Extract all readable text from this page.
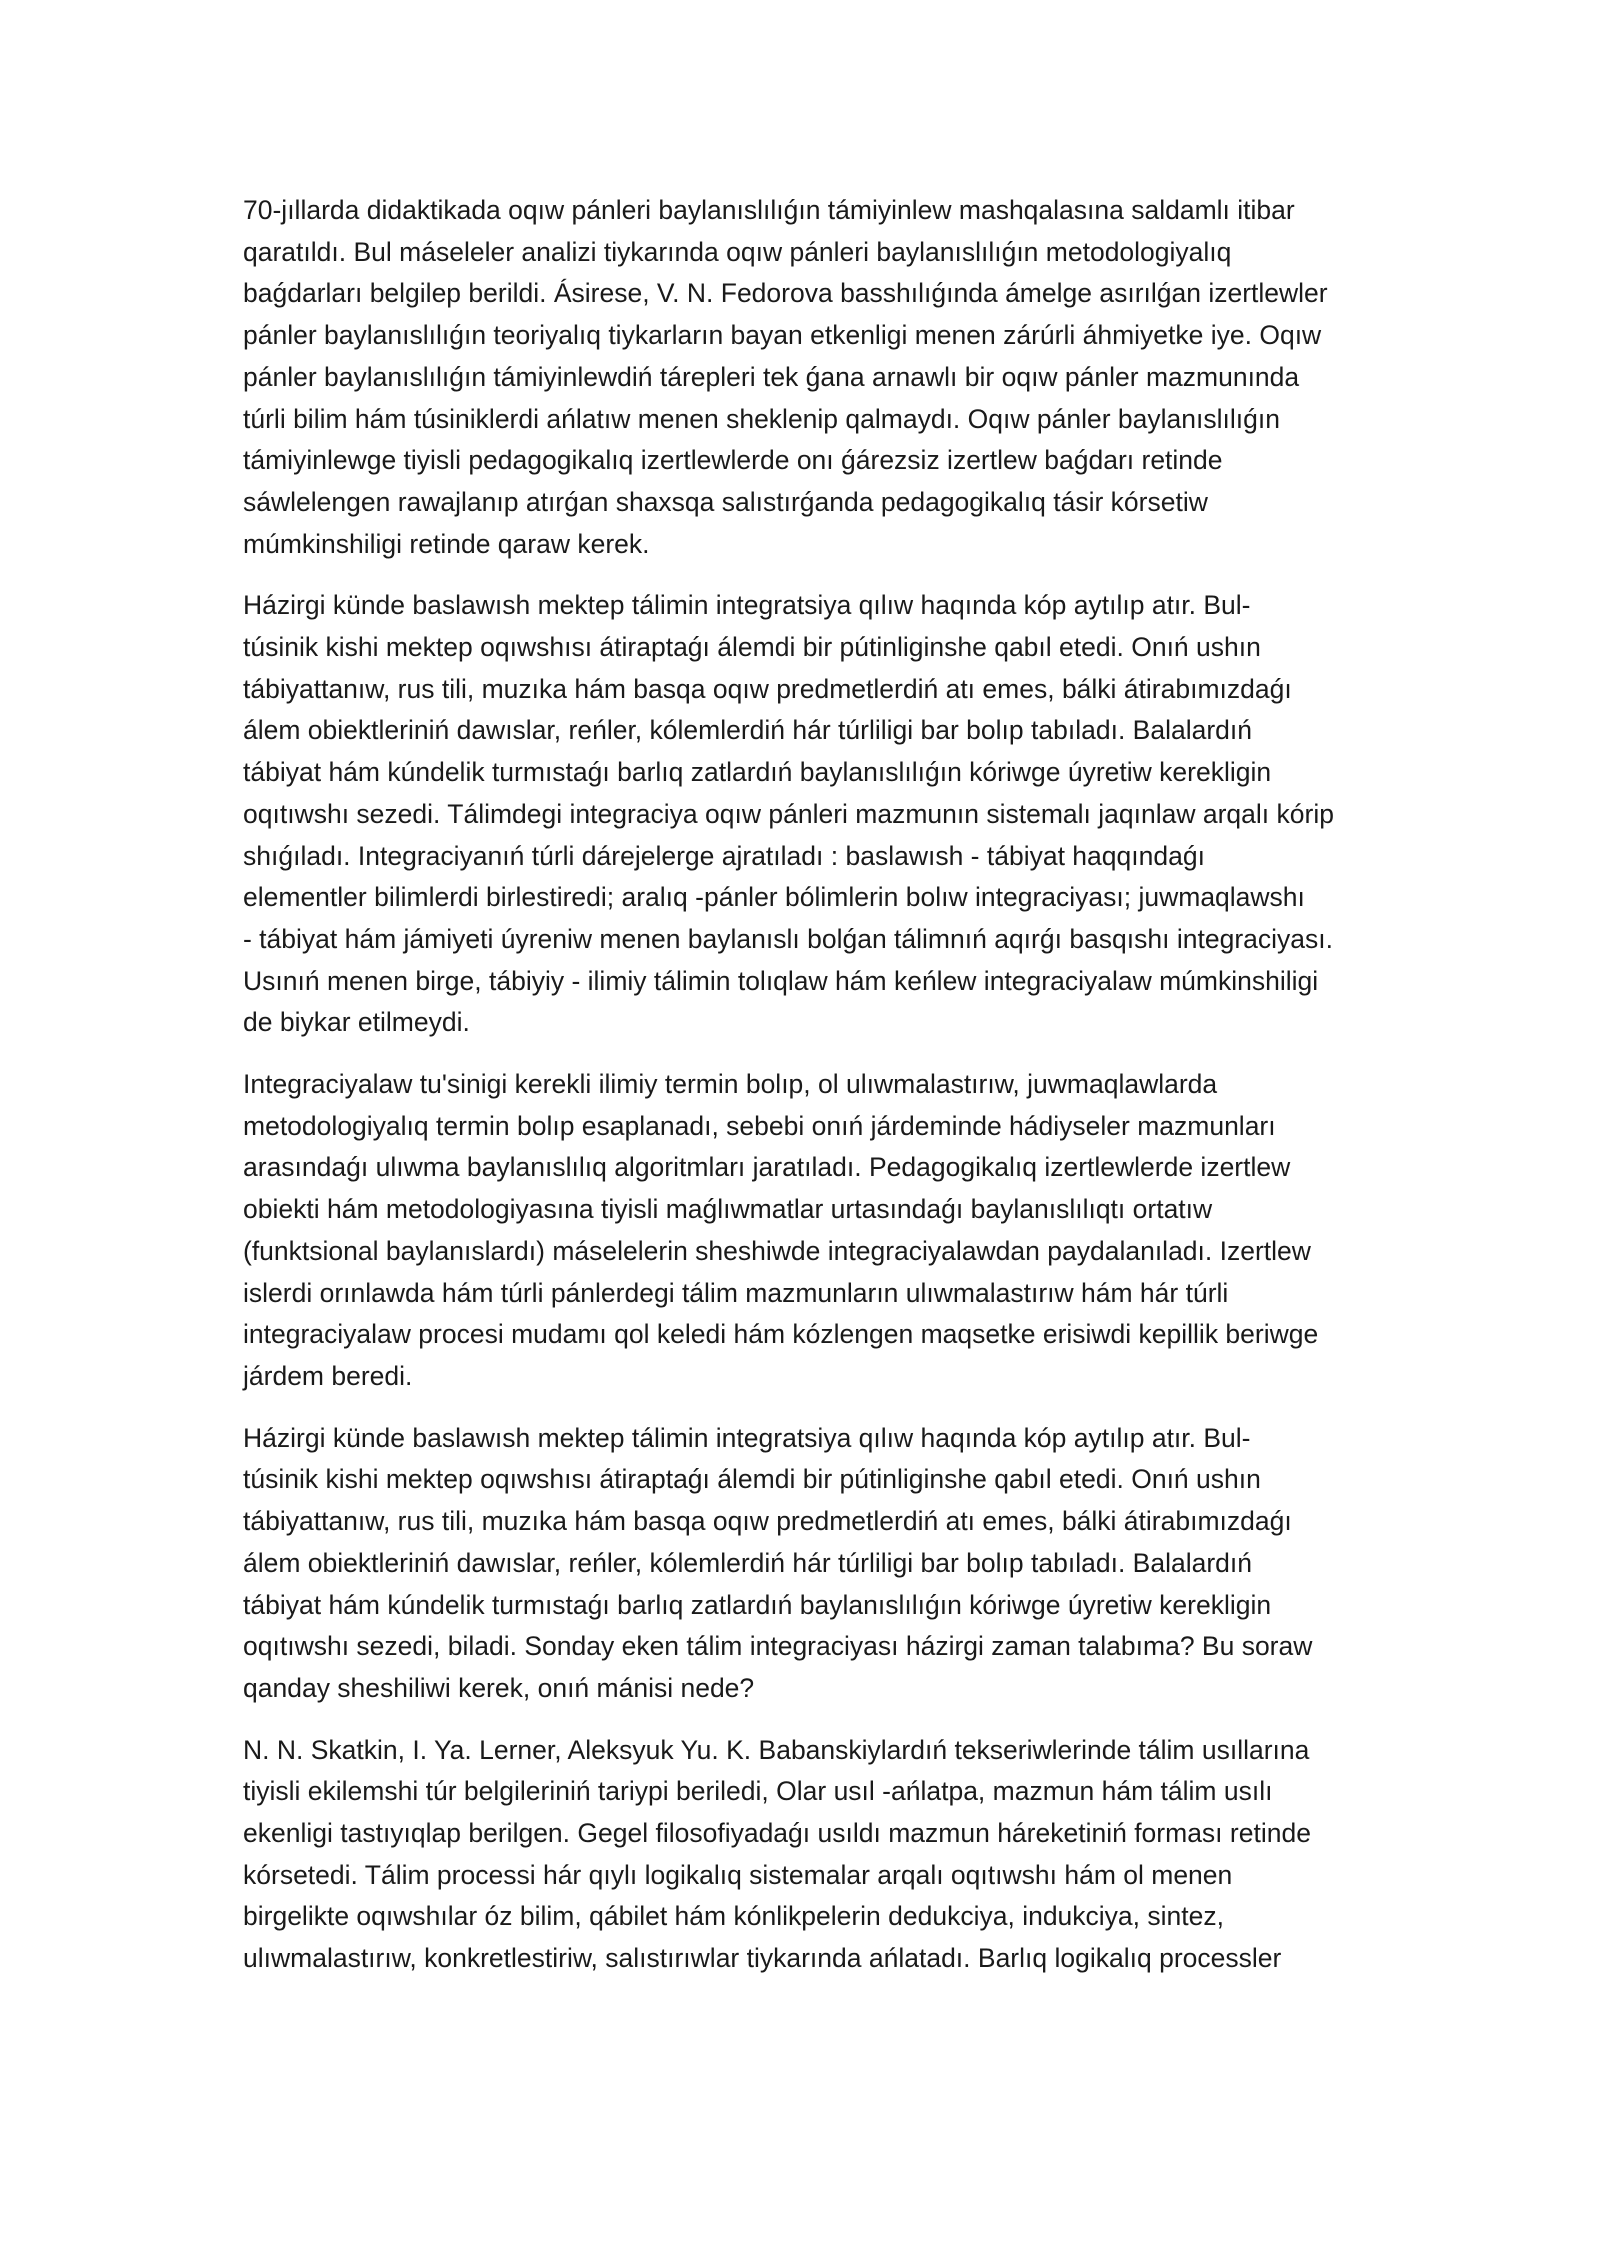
70-jıllarda didaktikada oqıw pánleri baylanıslılıǵın támiyinlew mashqalasına saldamlı itibar
qaratıldı. Bul máseleler analizi tiykarında oqıw pánleri baylanıslılıǵın metodologiyalıq
baǵdarları belgilep berildi. Ásirese, V. N. Fedorova basshılıǵında ámelge asırılǵan izertlewler
pánler baylanıslılıǵın teoriyalıq tiykarların bayan etkenligi menen zárúrli áhmiyetke iye. Oqıw
pánler baylanıslılıǵın támiyinlewdiń tárepleri tek ǵana arnawlı bir oqıw pánler mazmunında
túrli bilim hám túsiniklerdi ańlatıw menen sheklenip qalmaydı. Oqıw pánler baylanıslılıǵın
támiyinlewge tiyisli pedagogikalıq izertlewlerde onı ǵárezsiz izertlew baǵdarı retinde
sáwlelengen rawajlanıp atırǵan shaxsqa salıstırǵanda pedagogikalıq tásir kórsetiw
múmkinshiligi retinde qaraw kerek.

Házirgi künde baslawısh mektep tálimin integratsiya qılıw haqında kóp aytılıp atır. Bul-
túsinik kishi mektep oqıwshısı átiraptaǵı álemdi bir pútinliginshe qabıl etedi. Onıń ushın
tábiyattanıw, rus tili, muzıka hám basqa oqıw predmetlerdiń atı emes, bálki átirabımızdaǵı
álem obiektleriniń dawıslar, reńler, kólemlerdiń hár túrliligi bar bolıp tabıladı. Balalardıń
tábiyat hám kúndelik turmıstaǵı barlıq zatlardıń baylanıslılıǵın kóriwge úyretiw kerekligin
oqıtıwshı sezedi. Tálimdegi integraciya oqıw pánleri mazmunın sistemalı jaqınlaw arqalı kórip
shıǵıladı. Integraciyanıń túrli dárejelerge ajratıladı : baslawısh - tábiyat haqqındaǵı
elementler bilimlerdi birlestiredi; aralıq -pánler bólimlerin bolıw integraciyası; juwmaqlawshı
- tábiyat hám jámiyeti úyreniw menen baylanıslı bolǵan tálimnıń aqırǵı basqıshı integraciyası.
Usınıń menen birge, tábiyiy - ilimiy tálimin tolıqlaw hám keńlew integraciyalaw múmkinshiligi
de biykar etilmeydi.

Integraciyalaw tu'sinigi kerekli ilimiy termin bolıp, ol ulıwmalastırıw, juwmaqlawlarda
metodologiyalıq termin bolıp esaplanadı, sebebi onıń járdeminde hádiyseler mazmunları
arasındaǵı ulıwma baylanıslılıq algoritmları jaratıladı. Pedagogikalıq izertlewlerde izertlew
obiekti hám metodologiyasına tiyisli maǵlıwmatlar urtasındaǵı baylanıslılıqtı ortatıw
(funktsional baylanıslardı) máselelerin sheshiwde integraciyalawdan paydalanıladı. Izertlew
islerdi orınlawda hám túrli pánlerdegi tálim mazmunların ulıwmalastırıw hám hár túrli
integraciyalaw procesi mudamı qol keledi hám kózlengen maqsetke erisiwdi kepillik beriwge
járdem beredi.

Házirgi künde baslawısh mektep tálimin integratsiya qılıw haqında kóp aytılıp atır. Bul-
túsinik kishi mektep oqıwshısı átiraptaǵı álemdi bir pútinliginshe qabıl etedi. Onıń ushın
tábiyattanıw, rus tili, muzıka hám basqa oqıw predmetlerdiń atı emes, bálki átirabımızdaǵı
álem obiektleriniń dawıslar, reńler, kólemlerdiń hár túrliligi bar bolıp tabıladı. Balalardıń
tábiyat hám kúndelik turmıstaǵı barlıq zatlardıń baylanıslılıǵın kóriwge úyretiw kerekligin
oqıtıwshı sezedi, biladi. Sonday eken tálim integraciyası házirgi zaman talabıma? Bu soraw
qanday sheshiliwi kerek, onıń mánisi nede?

N. N. Skatkin, I. Ya. Lerner, Aleksyuk Yu. K. Babanskiylardıń tekseriwlerinde tálim usıllarına
tiyisli ekilemshi túr belgileriniń tariypi beriledi, Olar usıl -ańlatpa, mazmun hám tálim usılı
ekenligi tastıyıqlap berilgen. Gegel filosofiyadaǵı usıldı mazmun háreketiniń forması retinde
kórsetedi. Tálim processi hár qıylı logikalıq sistemalar arqalı oqıtıwshı hám ol menen
birgelikte oqıwshılar óz bilim, qábilet hám kónlikpelerin dedukciya, indukciya, sintez,
ulıwmalastırıw, konkretlestiriw, salıstırıwlar tiykarında ańlatadı. Barlıq logikalıq processler
